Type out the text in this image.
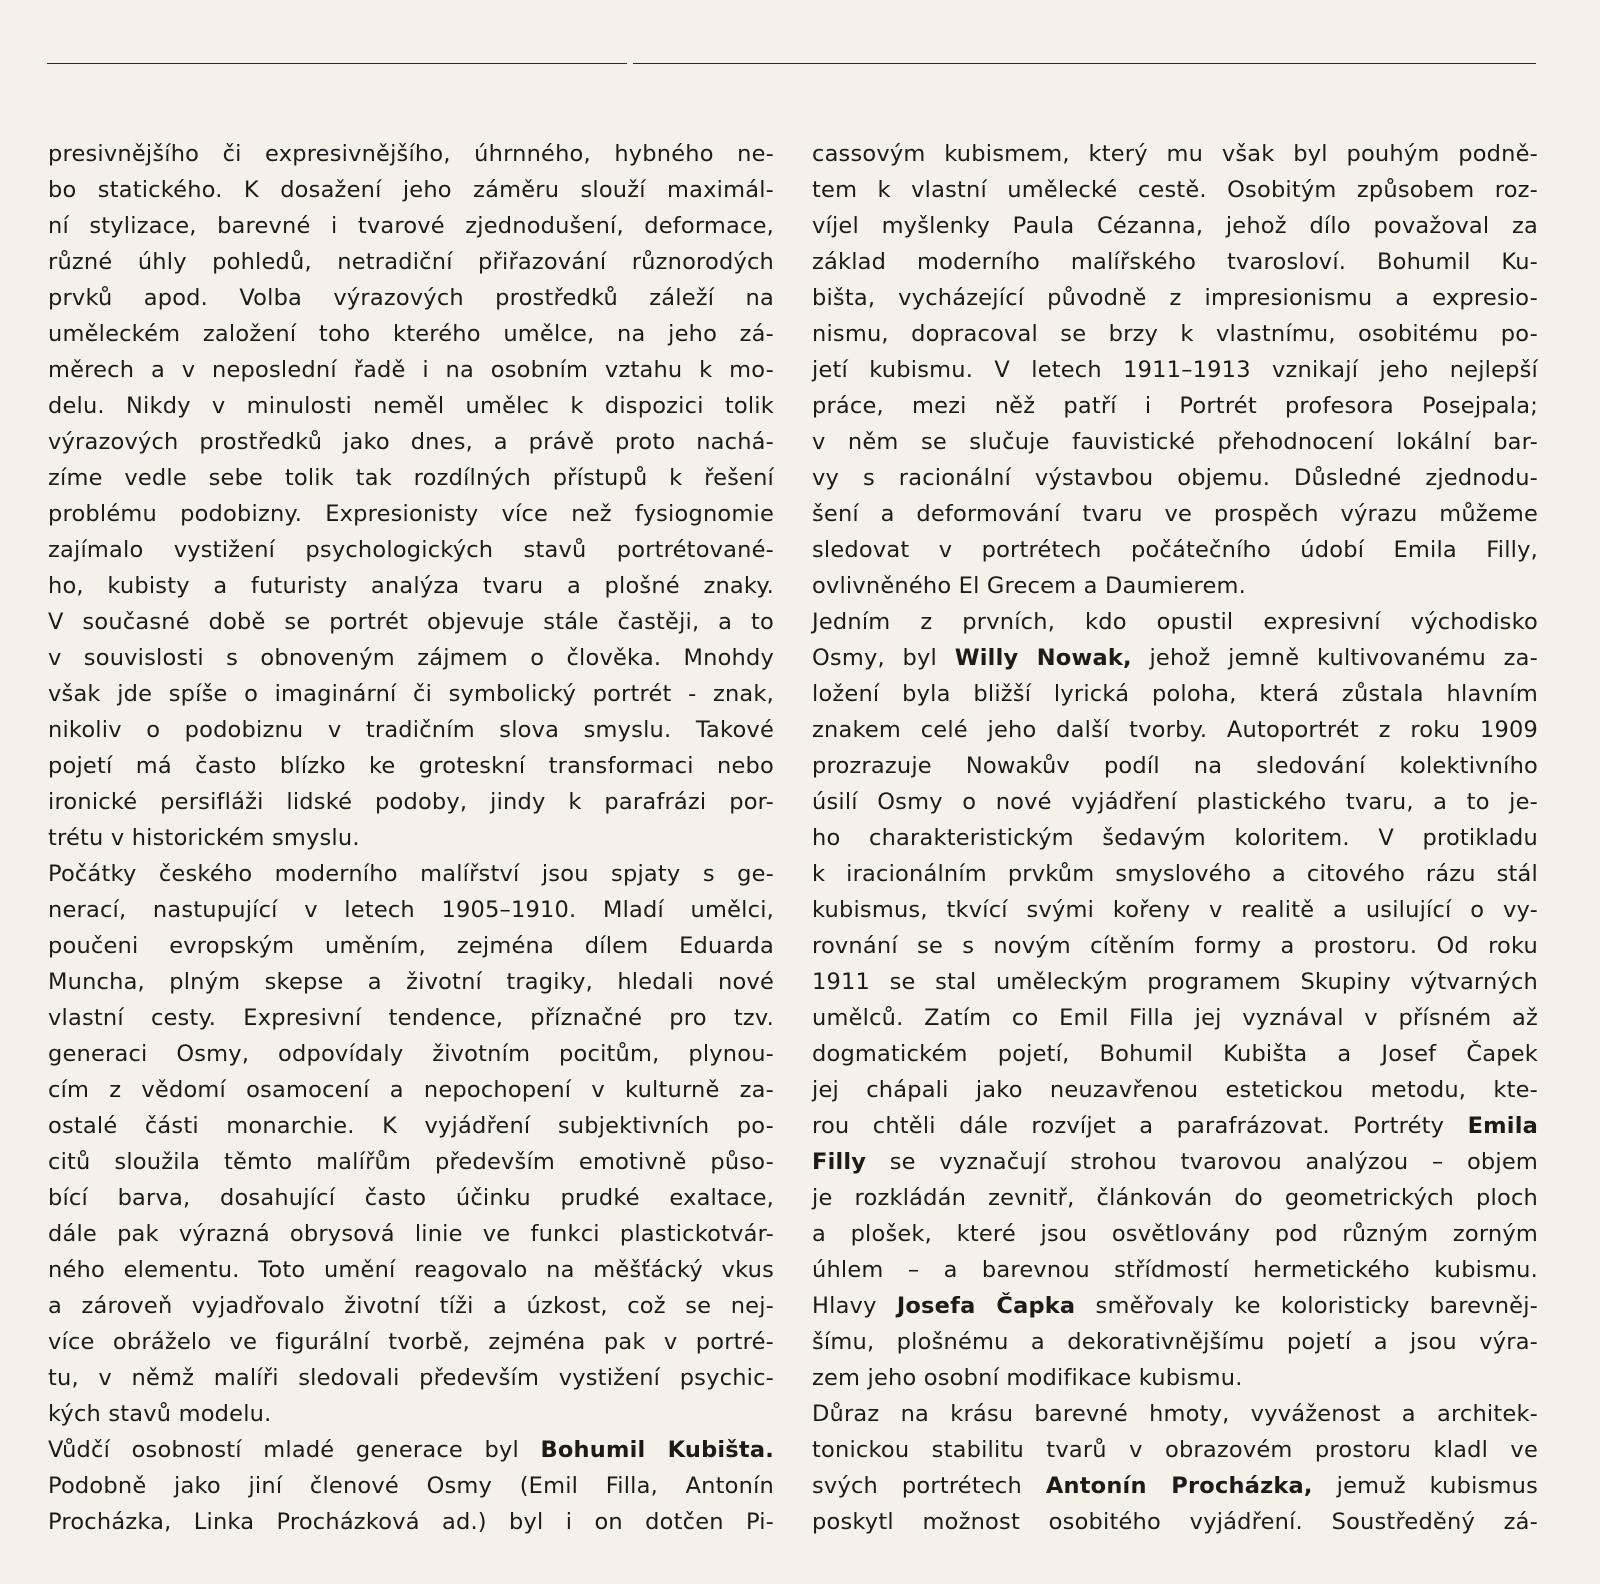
presivnějšího či expresivnějšího, úhrnného, hybného ne-
bo statického. K dosažení jeho záměru slouží maximál-
ní stylizace, barevné i tvarové zjednodušení, deformace,
různé úhly pohledů, netradiční přiřazování různorodých
prvků apod. Volba výrazových prostředků záleží na
uměleckém založení toho kterého umělce, na jeho zá-
měrech a v neposlední řadě i na osobním vztahu k mo-
delu. Nikdy v minulosti neměl umělec k dispozici tolik
výrazových prostředků jako dnes, a právě proto nachá-
zíme vedle sebe tolik tak rozdílných přístupů k řešení
problému podobizny. Expresionisty více než fysiognomie
zajímalo vystižení psychologických stavů portrétované-
ho, kubisty a futuristy analýza tvaru a plošné znaky.
V současné době se portrét objevuje stále častěji, a to
v souvislosti s obnoveným zájmem o člověka. Mnohdy
však jde spíše o imaginární či symbolický portrét - znak,
nikoliv o podobiznu v tradičním slova smyslu. Takové
pojetí má často blízko ke groteskní transformaci nebo
ironické persifláži lidské podoby, jindy k parafrázi por-
trétu v historickém smyslu.
Počátky českého moderního malířství jsou spjaty s ge-
nerací, nastupující v letech 1905–1910. Mladí umělci,
poučeni evropským uměním, zejména dílem Eduarda
Muncha, plným skepse a životní tragiky, hledali nové
vlastní cesty. Expresivní tendence, příznačné pro tzv.
generaci Osmy, odpovídaly životním pocitům, plynou-
cím z vědomí osamocení a nepochopení v kulturně za-
ostalé části monarchie. K vyjádření subjektivních po-
citů sloužila těmto malířům především emotivně půso-
bící barva, dosahující často účinku prudké exaltace,
dále pak výrazná obrysová linie ve funkci plastickotvár-
ného elementu. Toto umění reagovalo na měšťácký vkus
a zároveň vyjadřovalo životní tíži a úzkost, což se nej-
více obráželo ve figurální tvorbě, zejména pak v portré-
tu, v němž malíři sledovali především vystižení psychic-
kých stavů modelu.
Vůdčí osobností mladé generace byl Bohumil Kubišta.
Podobně jako jiní členové Osmy (Emil Filla, Antonín
Procházka, Linka Procházková ad.) byl i on dotčen Pi-
cassovým kubismem, který mu však byl pouhým podně-
tem k vlastní umělecké cestě. Osobitým způsobem roz-
víjel myšlenky Paula Cézanna, jehož dílo považoval za
základ moderního malířského tvarosloví. Bohumil Ku-
bišta, vycházející původně z impresionismu a expresio-
nismu, dopracoval se brzy k vlastnímu, osobitému po-
jetí kubismu. V letech 1911–1913 vznikají jeho nejlepší
práce, mezi něž patří i Portrét profesora Posejpala;
v něm se slučuje fauvistické přehodnocení lokální bar-
vy s racionální výstavbou objemu. Důsledné zjednodu-
šení a deformování tvaru ve prospěch výrazu můžeme
sledovat v portrétech počátečního údobí Emila Filly,
ovlivněného El Grecem a Daumierem.
Jedním z prvních, kdo opustil expresivní východisko
Osmy, byl Willy Nowak, jehož jemně kultivovanému za-
ložení byla bližší lyrická poloha, která zůstala hlavním
znakem celé jeho další tvorby. Autoportrét z roku 1909
prozrazuje Nowakův podíl na sledování kolektivního
úsilí Osmy o nové vyjádření plastického tvaru, a to je-
ho charakteristickým šedavým koloritem. V protikladu
k iracionálním prvkům smyslového a citového rázu stál
kubismus, tkvící svými kořeny v realitě a usilující o vy-
rovnání se s novým cítěním formy a prostoru. Od roku
1911 se stal uměleckým programem Skupiny výtvarných
umělců. Zatím co Emil Filla jej vyznával v přísném až
dogmatickém pojetí, Bohumil Kubišta a Josef Čapek
jej chápali jako neuzavřenou estetickou metodu, kte-
rou chtěli dále rozvíjet a parafrázovat. Portréty Emila
Filly se vyznačují strohou tvarovou analýzou – objem
je rozkládán zevnitř, článkován do geometrických ploch
a plošek, které jsou osvětlovány pod různým zorným
úhlem – a barevnou střídmostí hermetického kubismu.
Hlavy Josefa Čapka směřovaly ke koloristicky barevněj-
šímu, plošnému a dekorativnějšímu pojetí a jsou výra-
zem jeho osobní modifikace kubismu.
Důraz na krásu barevné hmoty, vyváženost a architek-
tonickou stabilitu tvarů v obrazovém prostoru kladl ve
svých portrétech Antonín Procházka, jemuž kubismus
poskytl možnost osobitého vyjádření. Soustředěný zá-
